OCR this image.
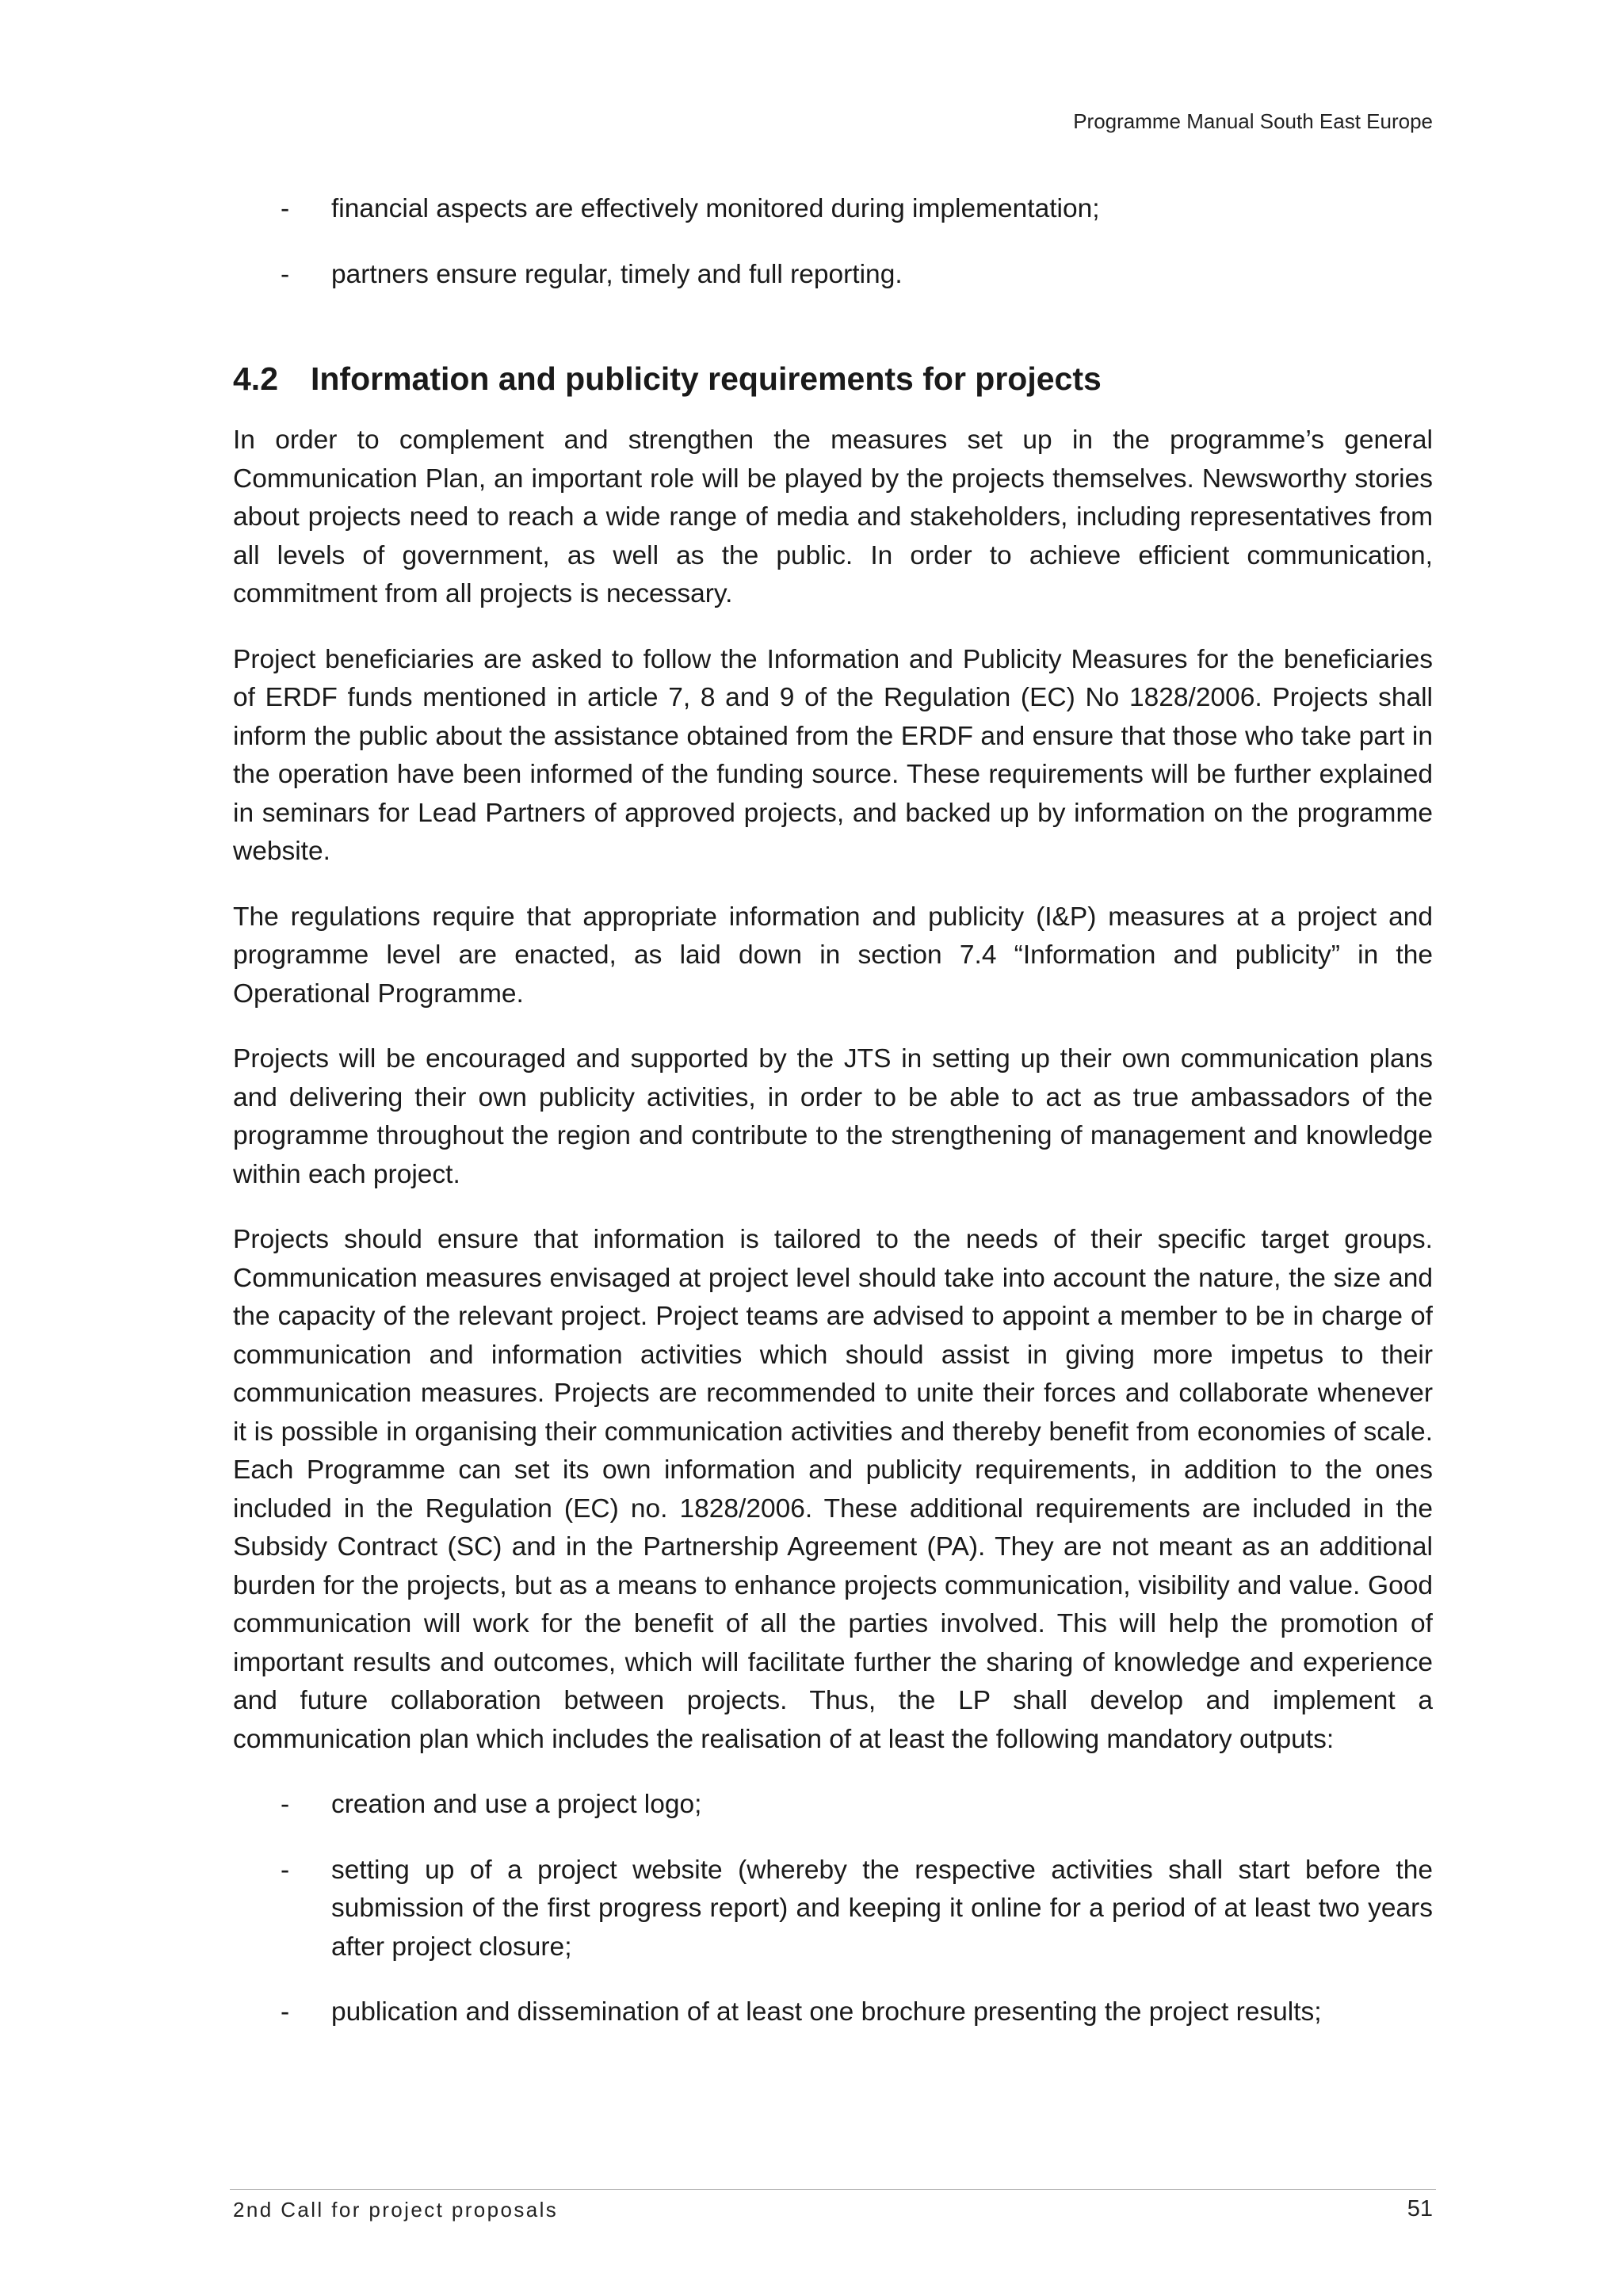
Programme Manual South East Europe
- financial aspects are effectively monitored during implementation;
- partners ensure regular, timely and full reporting.
4.2 Information and publicity requirements for projects

In order to complement and strengthen the measures set up in the programme’s general Communication Plan, an important role will be played by the projects themselves. Newsworthy stories about projects need to reach a wide range of media and stakeholders, including representatives from all levels of government, as well as the public. In order to achieve efficient communication, commitment from all projects is necessary.

Project beneficiaries are asked to follow the Information and Publicity Measures for the beneficiaries of ERDF funds mentioned in article 7, 8 and 9 of the Regulation (EC) No 1828/2006. Projects shall inform the public about the assistance obtained from the ERDF and ensure that those who take part in the operation have been informed of the funding source. These requirements will be further explained in seminars for Lead Partners of approved projects, and backed up by information on the programme website.

The regulations require that appropriate information and publicity (I&P) measures at a project and programme level are enacted, as laid down in section 7.4 “Information and publicity” in the Operational Programme.

Projects will be encouraged and supported by the JTS in setting up their own communication plans and delivering their own publicity activities, in order to be able to act as true ambassadors of the programme throughout the region and contribute to the strengthening of management and knowledge within each project.

Projects should ensure that information is tailored to the needs of their specific target groups. Communication measures envisaged at project level should take into account the nature, the size and the capacity of the relevant project. Project teams are advised to appoint a member to be in charge of communication and information activities which should assist in giving more impetus to their communication measures. Projects are recommended to unite their forces and collaborate whenever it is possible in organising their communication activities and thereby benefit from economies of scale. Each Programme can set its own information and publicity requirements, in addition to the ones included in the Regulation (EC) no. 1828/2006. These additional requirements are included in the Subsidy Contract (SC) and in the Partnership Agreement (PA). They are not meant as an additional burden for the projects, but as a means to enhance projects communication, visibility and value. Good communication will work for the benefit of all the parties involved. This will help the promotion of important results and outcomes, which will facilitate further the sharing of knowledge and experience and future collaboration between projects. Thus, the LP shall develop and implement a communication plan which includes the realisation of at least the following mandatory outputs:

- creation and use a project logo;
- setting up of a project website (whereby the respective activities shall start before the submission of the first progress report) and keeping it online for a period of at least two years after project closure;
- publication and dissemination of at least one brochure presenting the project results;
2nd Call for project proposals	51
